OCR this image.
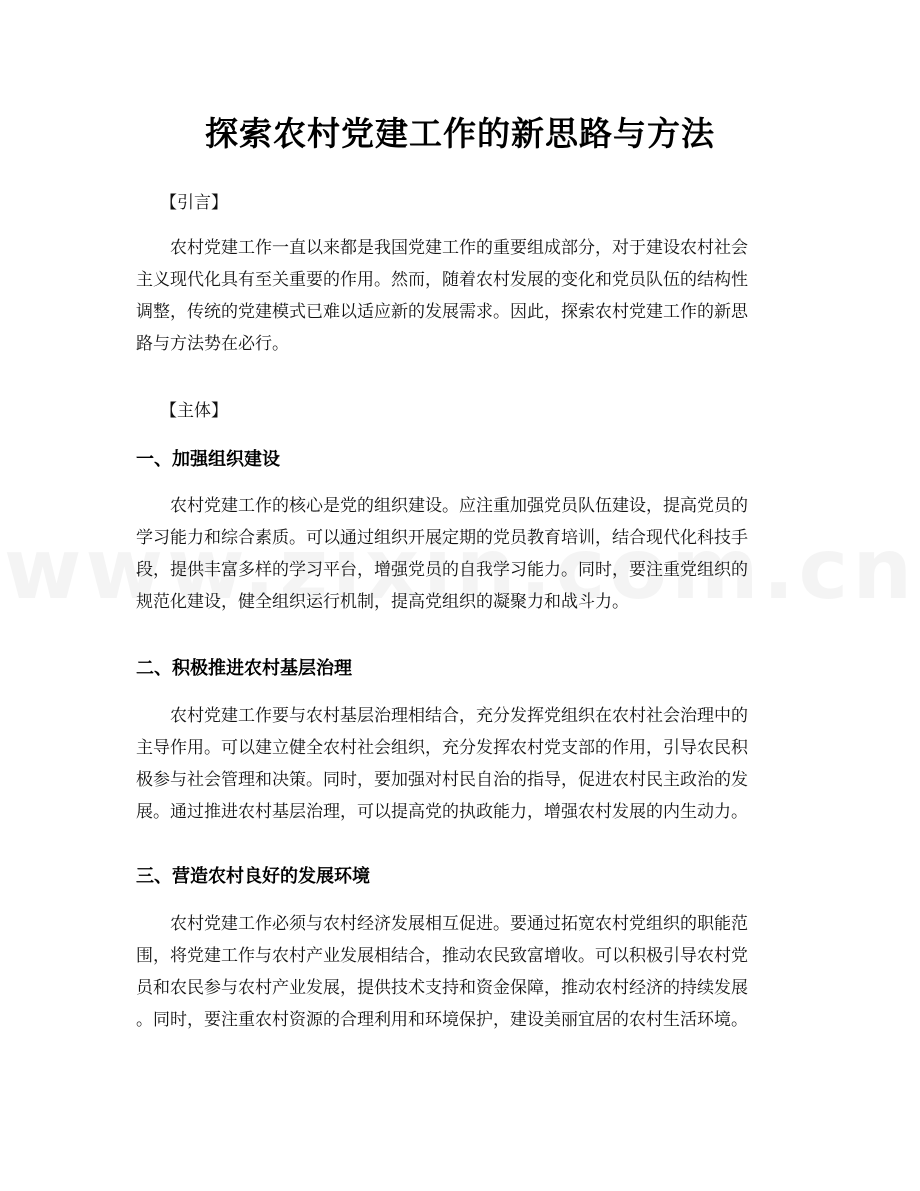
探索农村党建工作的新思路与方法
【引言】
农村党建工作一直以来都是我国党建工作的重要组成部分，对于建设农村社会
主义现代化具有至关重要的作用。然而，随着农村发展的变化和党员队伍的结构性
调整，传统的党建模式已难以适应新的发展需求。因此，探索农村党建工作的新思
路与方法势在必行。
【主体】
一、加强组织建设
农村党建工作的核心是党的组织建设。应注重加强党员队伍建设，提高党员的
学习能力和综合素质。可以通过组织开展定期的党员教育培训，结合现代化科技手
段，提供丰富多样的学习平台，增强党员的自我学习能力。同时，要注重党组织的
规范化建设，健全组织运行机制，提高党组织的凝聚力和战斗力。
二、积极推进农村基层治理
农村党建工作要与农村基层治理相结合，充分发挥党组织在农村社会治理中的
主导作用。可以建立健全农村社会组织，充分发挥农村党支部的作用，引导农民积
极参与社会管理和决策。同时，要加强对村民自治的指导，促进农村民主政治的发
展。通过推进农村基层治理，可以提高党的执政能力，增强农村发展的内生动力。
三、营造农村良好的发展环境
农村党建工作必须与农村经济发展相互促进。要通过拓宽农村党组织的职能范
围，将党建工作与农村产业发展相结合，推动农民致富增收。可以积极引导农村党
员和农民参与农村产业发展，提供技术支持和资金保障，推动农村经济的持续发展
。同时，要注重农村资源的合理利用和环境保护，建设美丽宜居的农村生活环境。
